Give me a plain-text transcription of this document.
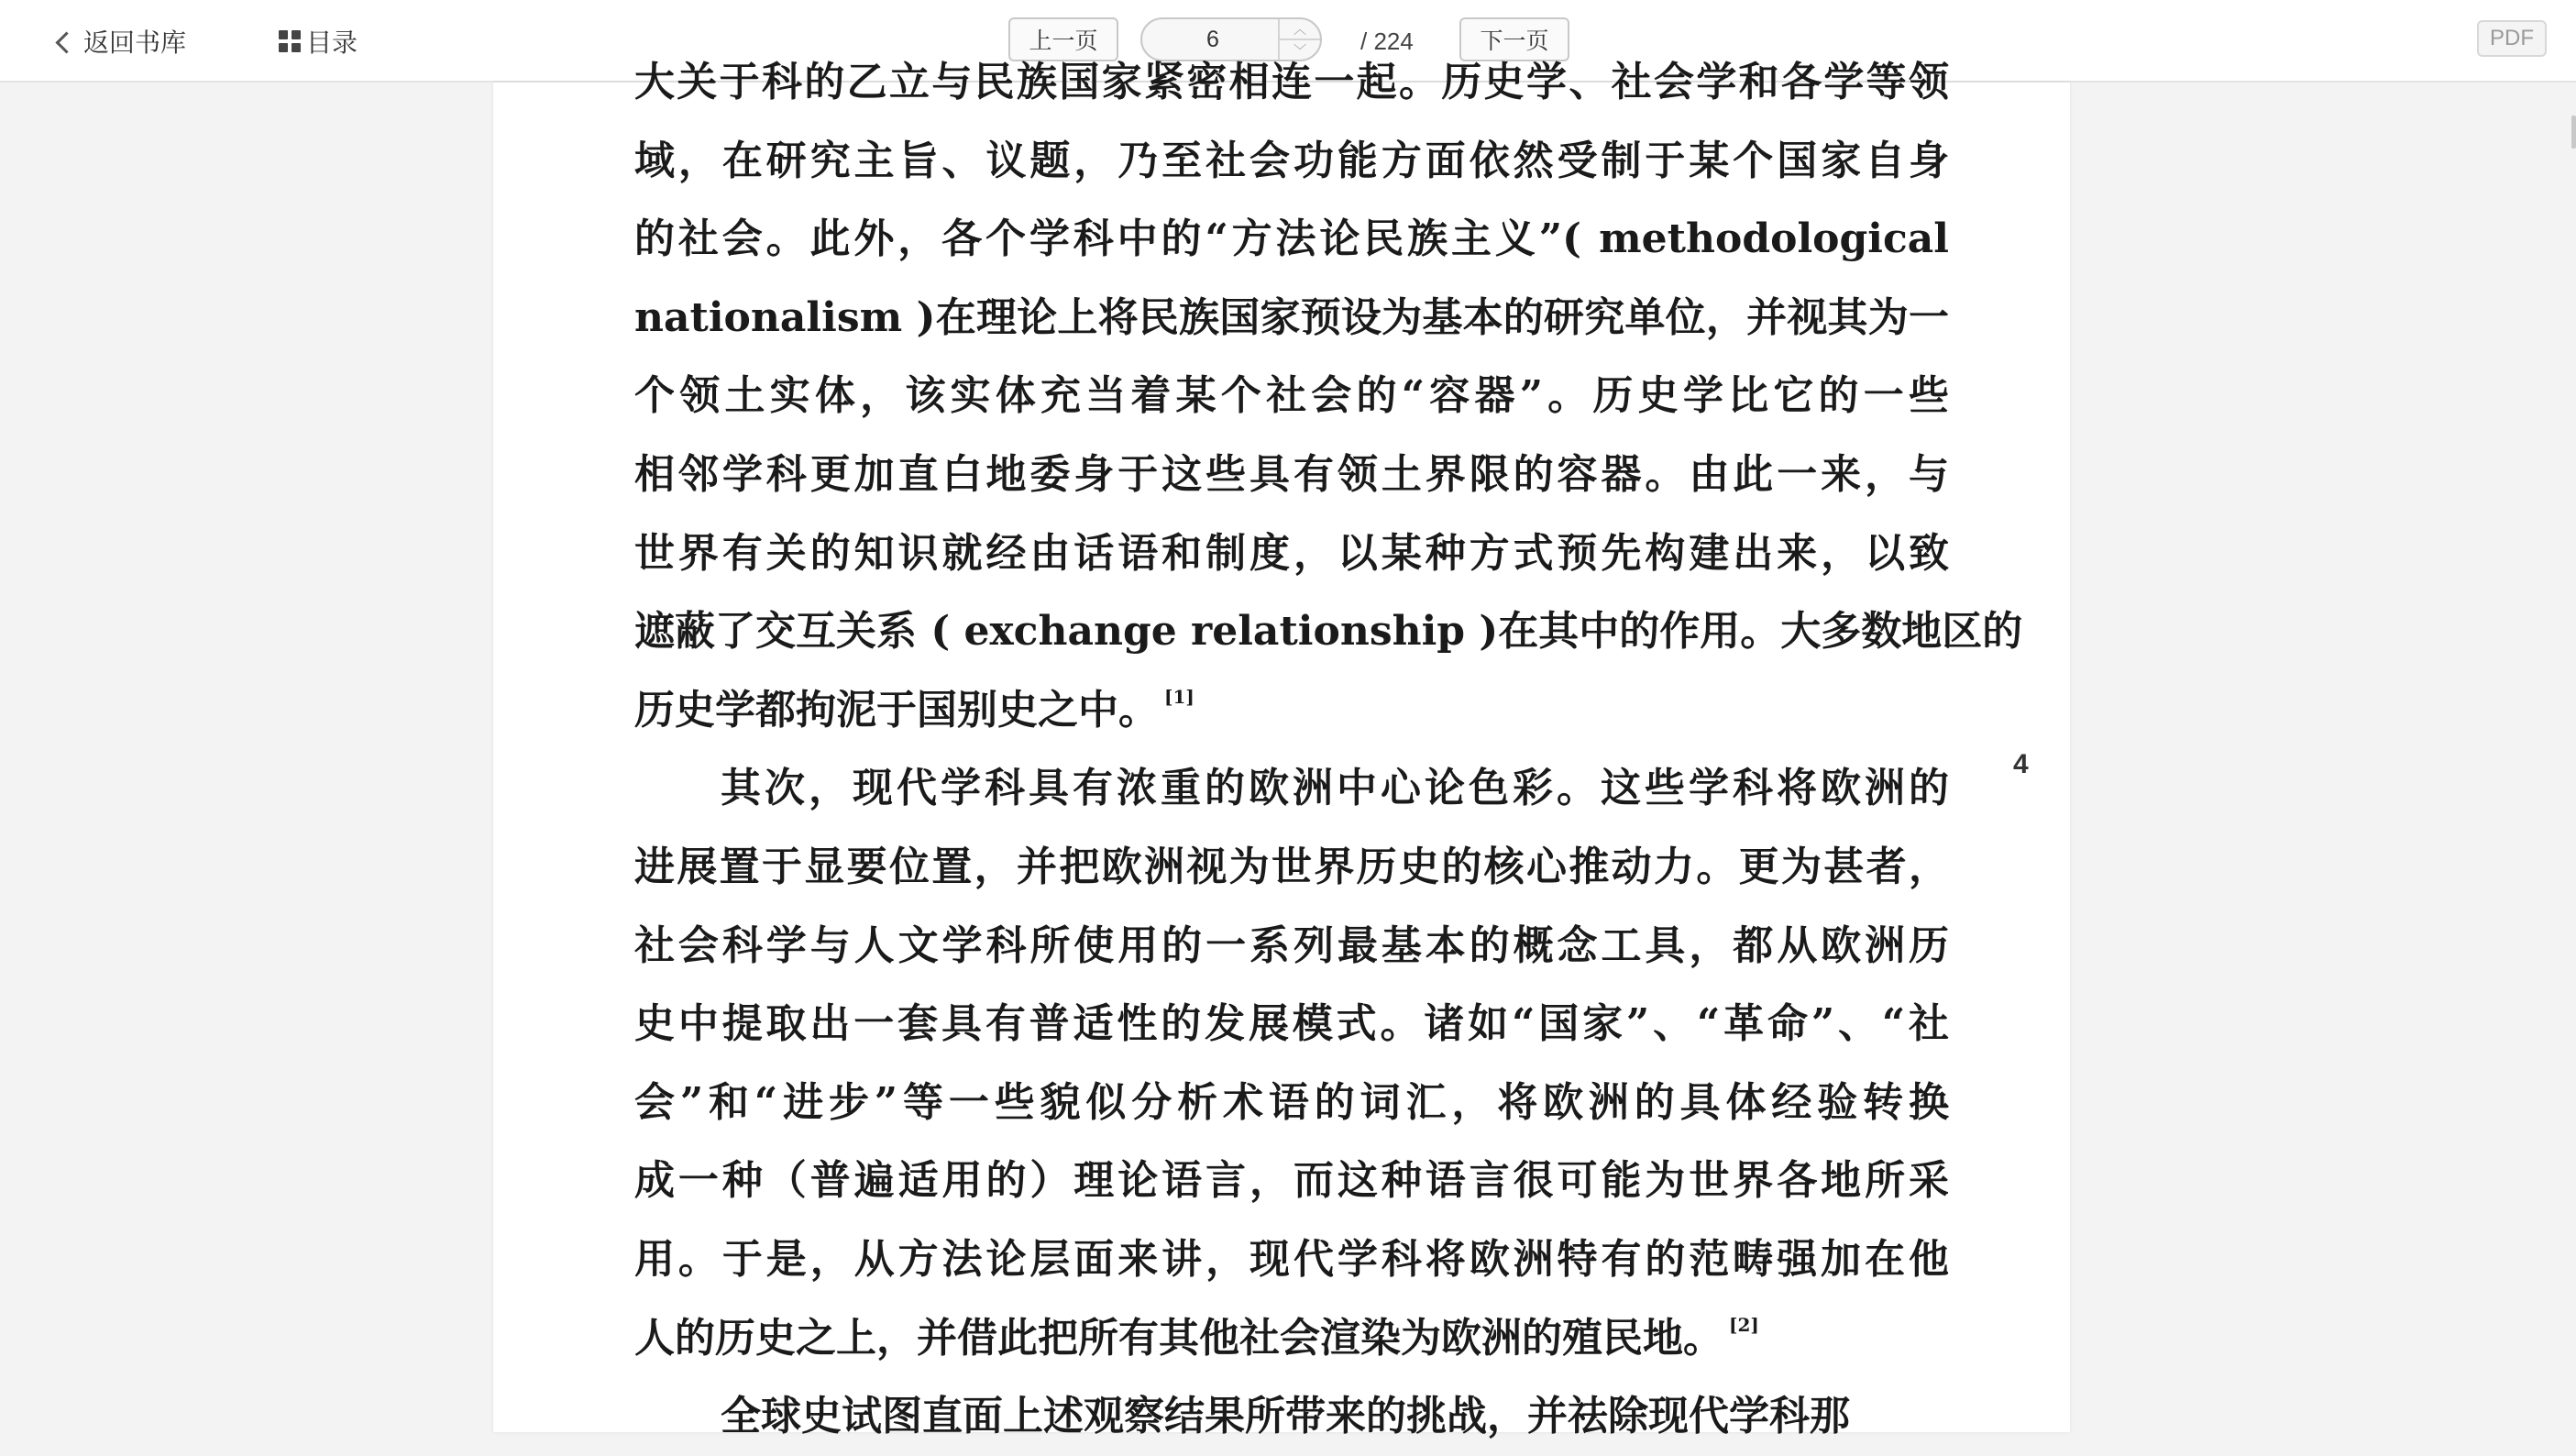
返回书库	目录	上一页
6	︿
﹀	/ 224	下一页	PDF
大关于科的乙立与民族国家紧密相连一起。历史学、社会学和各学等领
域，在研究主旨、议题，乃至社会功能方面依然受制于某个国家自身
的社会。此外，各个学科中的“方法论民族主义”( methodological
nationalism )在理论上将民族国家预设为基本的研究单位，并视其为一
个领土实体，该实体充当着某个社会的“容器”。历史学比它的一些
相邻学科更加直白地委身于这些具有领土界限的容器。由此一来，与
世界有关的知识就经由话语和制度，以某种方式预先构建出来，以致
遮蔽了交互关系 ( exchange relationship )在其中的作用。大多数地区的
历史学都拘泥于国别史之中。 [1]
其次，现代学科具有浓重的欧洲中心论色彩。这些学科将欧洲的
进展置于显要位置，并把欧洲视为世界历史的核心推动力。更为甚者，
社会科学与人文学科所使用的一系列最基本的概念工具，都从欧洲历
史中提取出一套具有普适性的发展模式。诸如“国家”、“革命”、“社
会”和“进步”等一些貌似分析术语的词汇，将欧洲的具体经验转换
成一种（普遍适用的）理论语言，而这种语言很可能为世界各地所采
用。于是，从方法论层面来讲，现代学科将欧洲特有的范畴强加在他
人的历史之上，并借此把所有其他社会渲染为欧洲的殖民地。 [2]
全球史试图直面上述观察结果所带来的挑战，并祛除现代学科那
4
